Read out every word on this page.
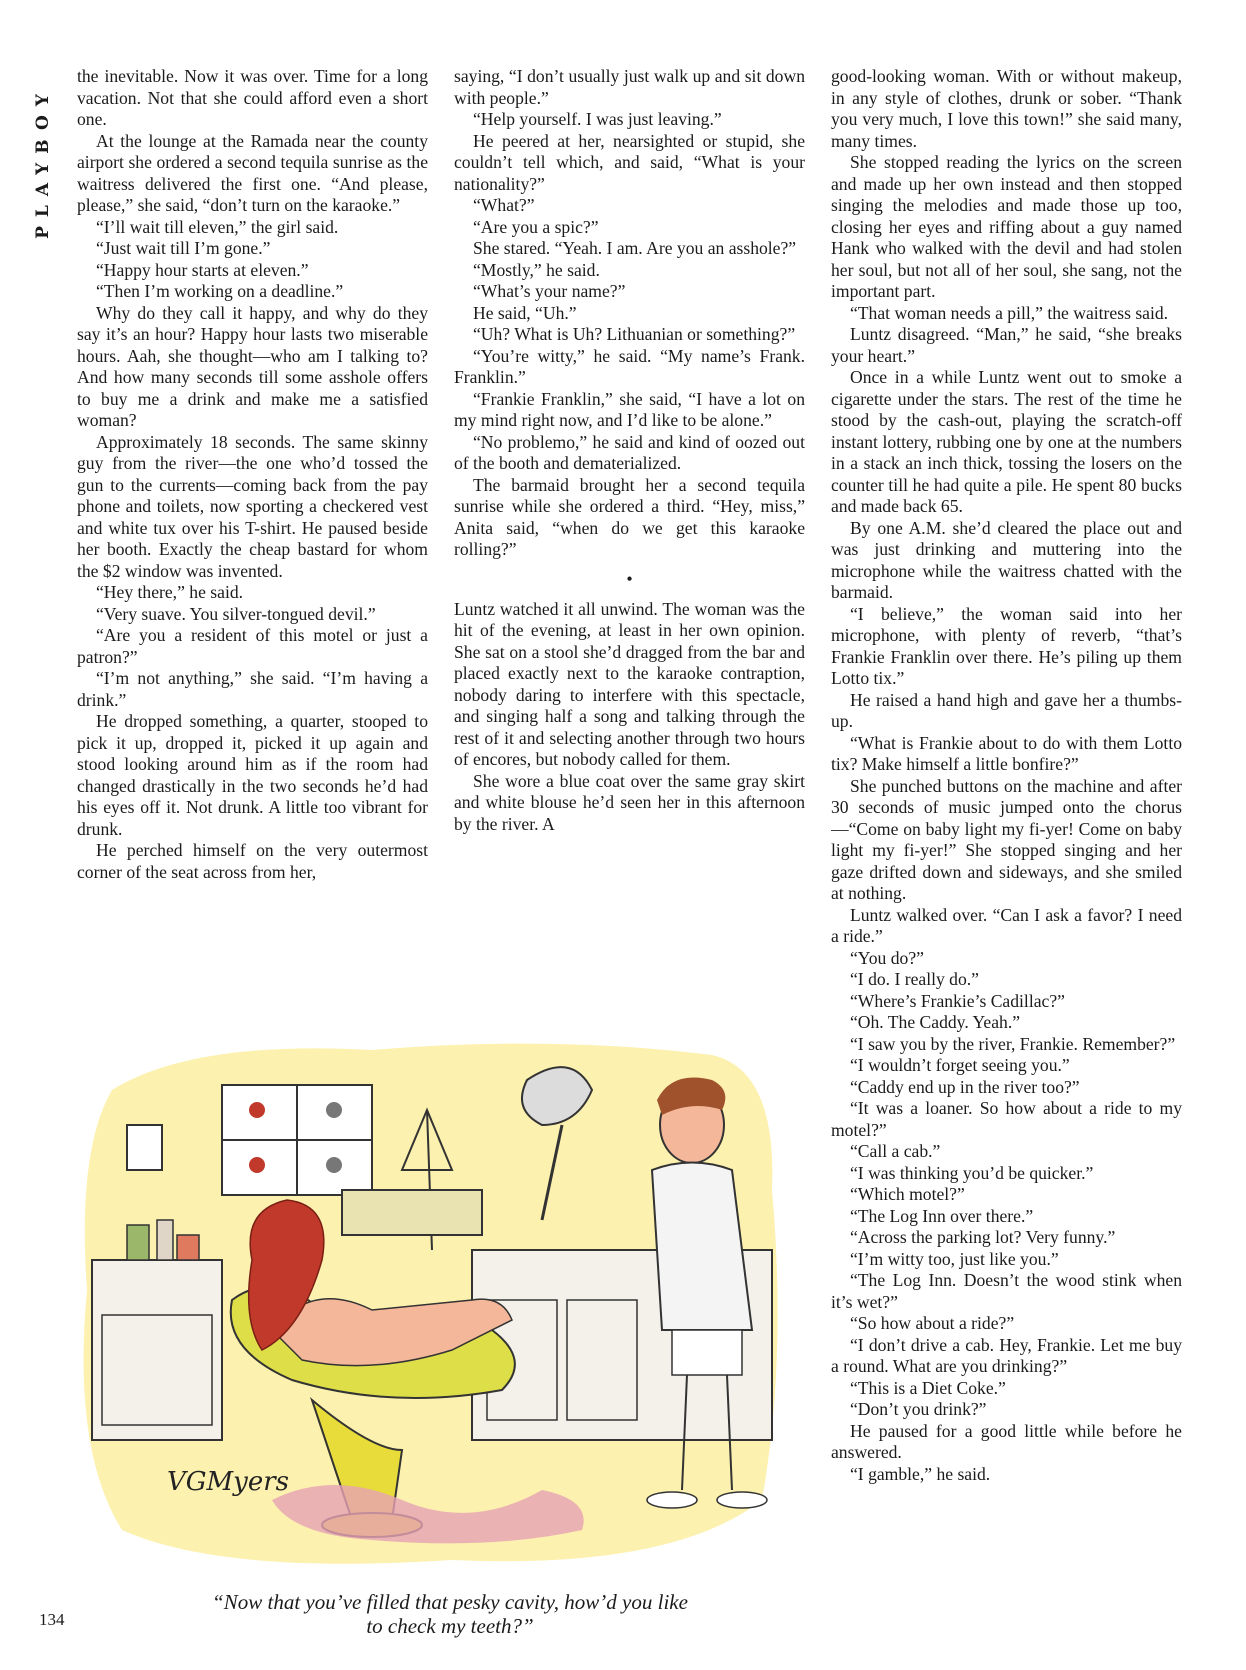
PLAYBOY

the inevitable. Now it was over. Time for a long vacation. Not that she could afford even a short one.

At the lounge at the Ramada near the county airport she ordered a second tequila sunrise as the waitress delivered the first one. “And please, please,” she said, “don’t turn on the karaoke.”

“I’ll wait till eleven,” the girl said.

“Just wait till I’m gone.”

“Happy hour starts at eleven.”

“Then I’m working on a deadline.”

Why do they call it happy, and why do they say it’s an hour? Happy hour lasts two miserable hours. Aah, she thought—who am I talking to? And how many seconds till some asshole offers to buy me a drink and make me a satisfied woman?

Approximately 18 seconds. The same skinny guy from the river—the one who’d tossed the gun to the currents—coming back from the pay phone and toilets, now sporting a checkered vest and white tux over his T-shirt. He paused beside her booth. Exactly the cheap bastard for whom the $2 window was invented.

“Hey there,” he said.

“Very suave. You silver-tongued devil.”

“Are you a resident of this motel or just a patron?”

“I’m not anything,” she said. “I’m having a drink.”

He dropped something, a quarter, stooped to pick it up, dropped it, picked it up again and stood looking around him as if the room had changed drastically in the two seconds he’d had his eyes off it. Not drunk. A little too vibrant for drunk.

He perched himself on the very outermost corner of the seat across from her,

saying, “I don’t usually just walk up and sit down with people.”

“Help yourself. I was just leaving.”

He peered at her, nearsighted or stupid, she couldn’t tell which, and said, “What is your nationality?”

“What?”

“Are you a spic?”

She stared. “Yeah. I am. Are you an asshole?”

“Mostly,” he said.

“What’s your name?”

He said, “Uh.”

“Uh? What is Uh? Lithuanian or something?”

“You’re witty,” he said. “My name’s Frank. Franklin.”

“Frankie Franklin,” she said, “I have a lot on my mind right now, and I’d like to be alone.”

“No problemo,” he said and kind of oozed out of the booth and dematerialized.

The barmaid brought her a second tequila sunrise while she ordered a third. “Hey, miss,” Anita said, “when do we get this karaoke rolling?”

•

Luntz watched it all unwind. The woman was the hit of the evening, at least in her own opinion. She sat on a stool she’d dragged from the bar and placed exactly next to the karaoke contraption, nobody daring to interfere with this spectacle, and singing half a song and talking through the rest of it and selecting another through two hours of encores, but nobody called for them.

She wore a blue coat over the same gray skirt and white blouse he’d seen her in this afternoon by the river. A

good-looking woman. With or without makeup, in any style of clothes, drunk or sober. “Thank you very much, I love this town!” she said many, many times.

She stopped reading the lyrics on the screen and made up her own instead and then stopped singing the melodies and made those up too, closing her eyes and riffing about a guy named Hank who walked with the devil and had stolen her soul, but not all of her soul, she sang, not the important part.

“That woman needs a pill,” the waitress said.

Luntz disagreed. “Man,” he said, “she breaks your heart.”

Once in a while Luntz went out to smoke a cigarette under the stars. The rest of the time he stood by the cash-out, playing the scratch-off instant lottery, rubbing one by one at the numbers in a stack an inch thick, tossing the losers on the counter till he had quite a pile. He spent 80 bucks and made back 65.

By one A.M. she’d cleared the place out and was just drinking and muttering into the microphone while the waitress chatted with the barmaid.

“I believe,” the woman said into her microphone, with plenty of reverb, “that’s Frankie Franklin over there. He’s piling up them Lotto tix.”

He raised a hand high and gave her a thumbs-up.

“What is Frankie about to do with them Lotto tix? Make himself a little bonfire?”

She punched buttons on the machine and after 30 seconds of music jumped onto the chorus—“Come on baby light my fi-yer! Come on baby light my fi-yer!” She stopped singing and her gaze drifted down and sideways, and she smiled at nothing.

Luntz walked over. “Can I ask a favor? I need a ride.”

“You do?”

“I do. I really do.”

“Where’s Frankie’s Cadillac?”

“Oh. The Caddy. Yeah.”

“I saw you by the river, Frankie. Remember?”

“I wouldn’t forget seeing you.”

“Caddy end up in the river too?”

“It was a loaner. So how about a ride to my motel?”

“Call a cab.”

“I was thinking you’d be quicker.”

“Which motel?”

“The Log Inn over there.”

“Across the parking lot? Very funny.”

“I’m witty too, just like you.”

“The Log Inn. Doesn’t the wood stink when it’s wet?”

“So how about a ride?”

“I don’t drive a cab. Hey, Frankie. Let me buy a round. What are you drinking?”

“This is a Diet Coke.”

“Don’t you drink?”

He paused for a good little while before he answered.

“I gamble,” he said.

VGMyers
“Now that you’ve filled that pesky cavity, how’d you like
to check my teeth?”
134
